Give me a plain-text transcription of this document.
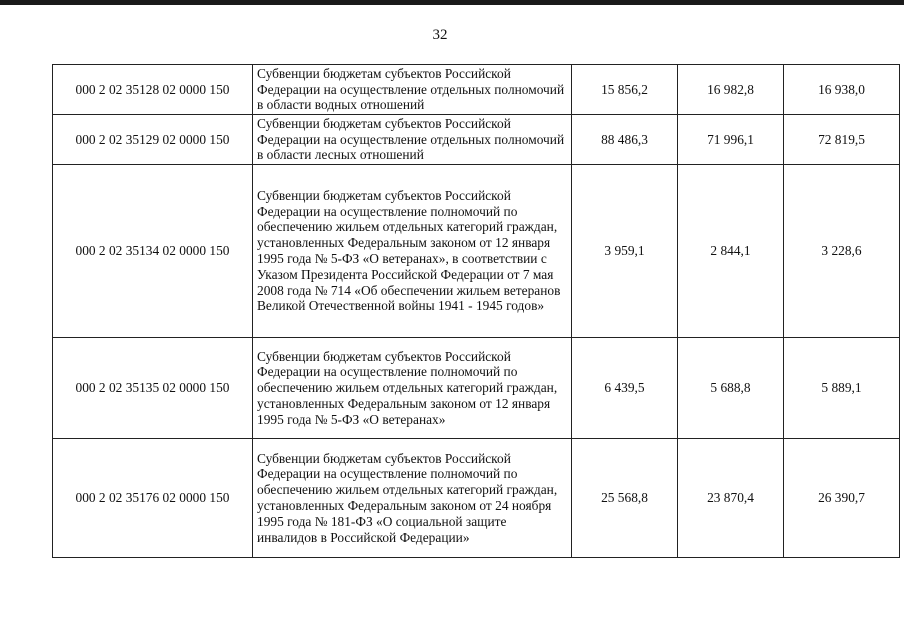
32
000 2 02 35128 02 0000 150	Субвенции бюджетам субъектов Российской Федерации на осуществление отдельных полномочий в области водных отношений	15 856,2	16 982,8	16 938,0
000 2 02 35129 02 0000 150	Субвенции бюджетам субъектов Российской Федерации на осуществление отдельных полномочий в области лесных отношений	88 486,3	71 996,1	72 819,5
000 2 02 35134 02 0000 150	Субвенции бюджетам субъектов Российской Федерации на осуществление полномочий по обеспечению жильем отдельных категорий граждан, установленных Федеральным законом от 12 января 1995 года № 5-ФЗ «О ветеранах», в соответствии с Указом Президента Российской Федерации от 7 мая 2008 года № 714 «Об обеспечении жильем ветеранов Великой Отечественной войны 1941 - 1945 годов»	3 959,1	2 844,1	3 228,6
000 2 02 35135 02 0000 150	Субвенции бюджетам субъектов Российской Федерации на осуществление полномочий по обеспечению жильем отдельных категорий граждан, установленных Федеральным законом от 12 января 1995 года № 5-ФЗ «О ветеранах»	6 439,5	5 688,8	5 889,1
000 2 02 35176 02 0000 150	Субвенции бюджетам субъектов Российской Федерации на осуществление полномочий по обеспечению жильем отдельных категорий граждан, установленных Федеральным законом от 24 ноября 1995 года № 181-ФЗ «О социальной защите инвалидов в Российской Федерации»	25 568,8	23 870,4	26 390,7
